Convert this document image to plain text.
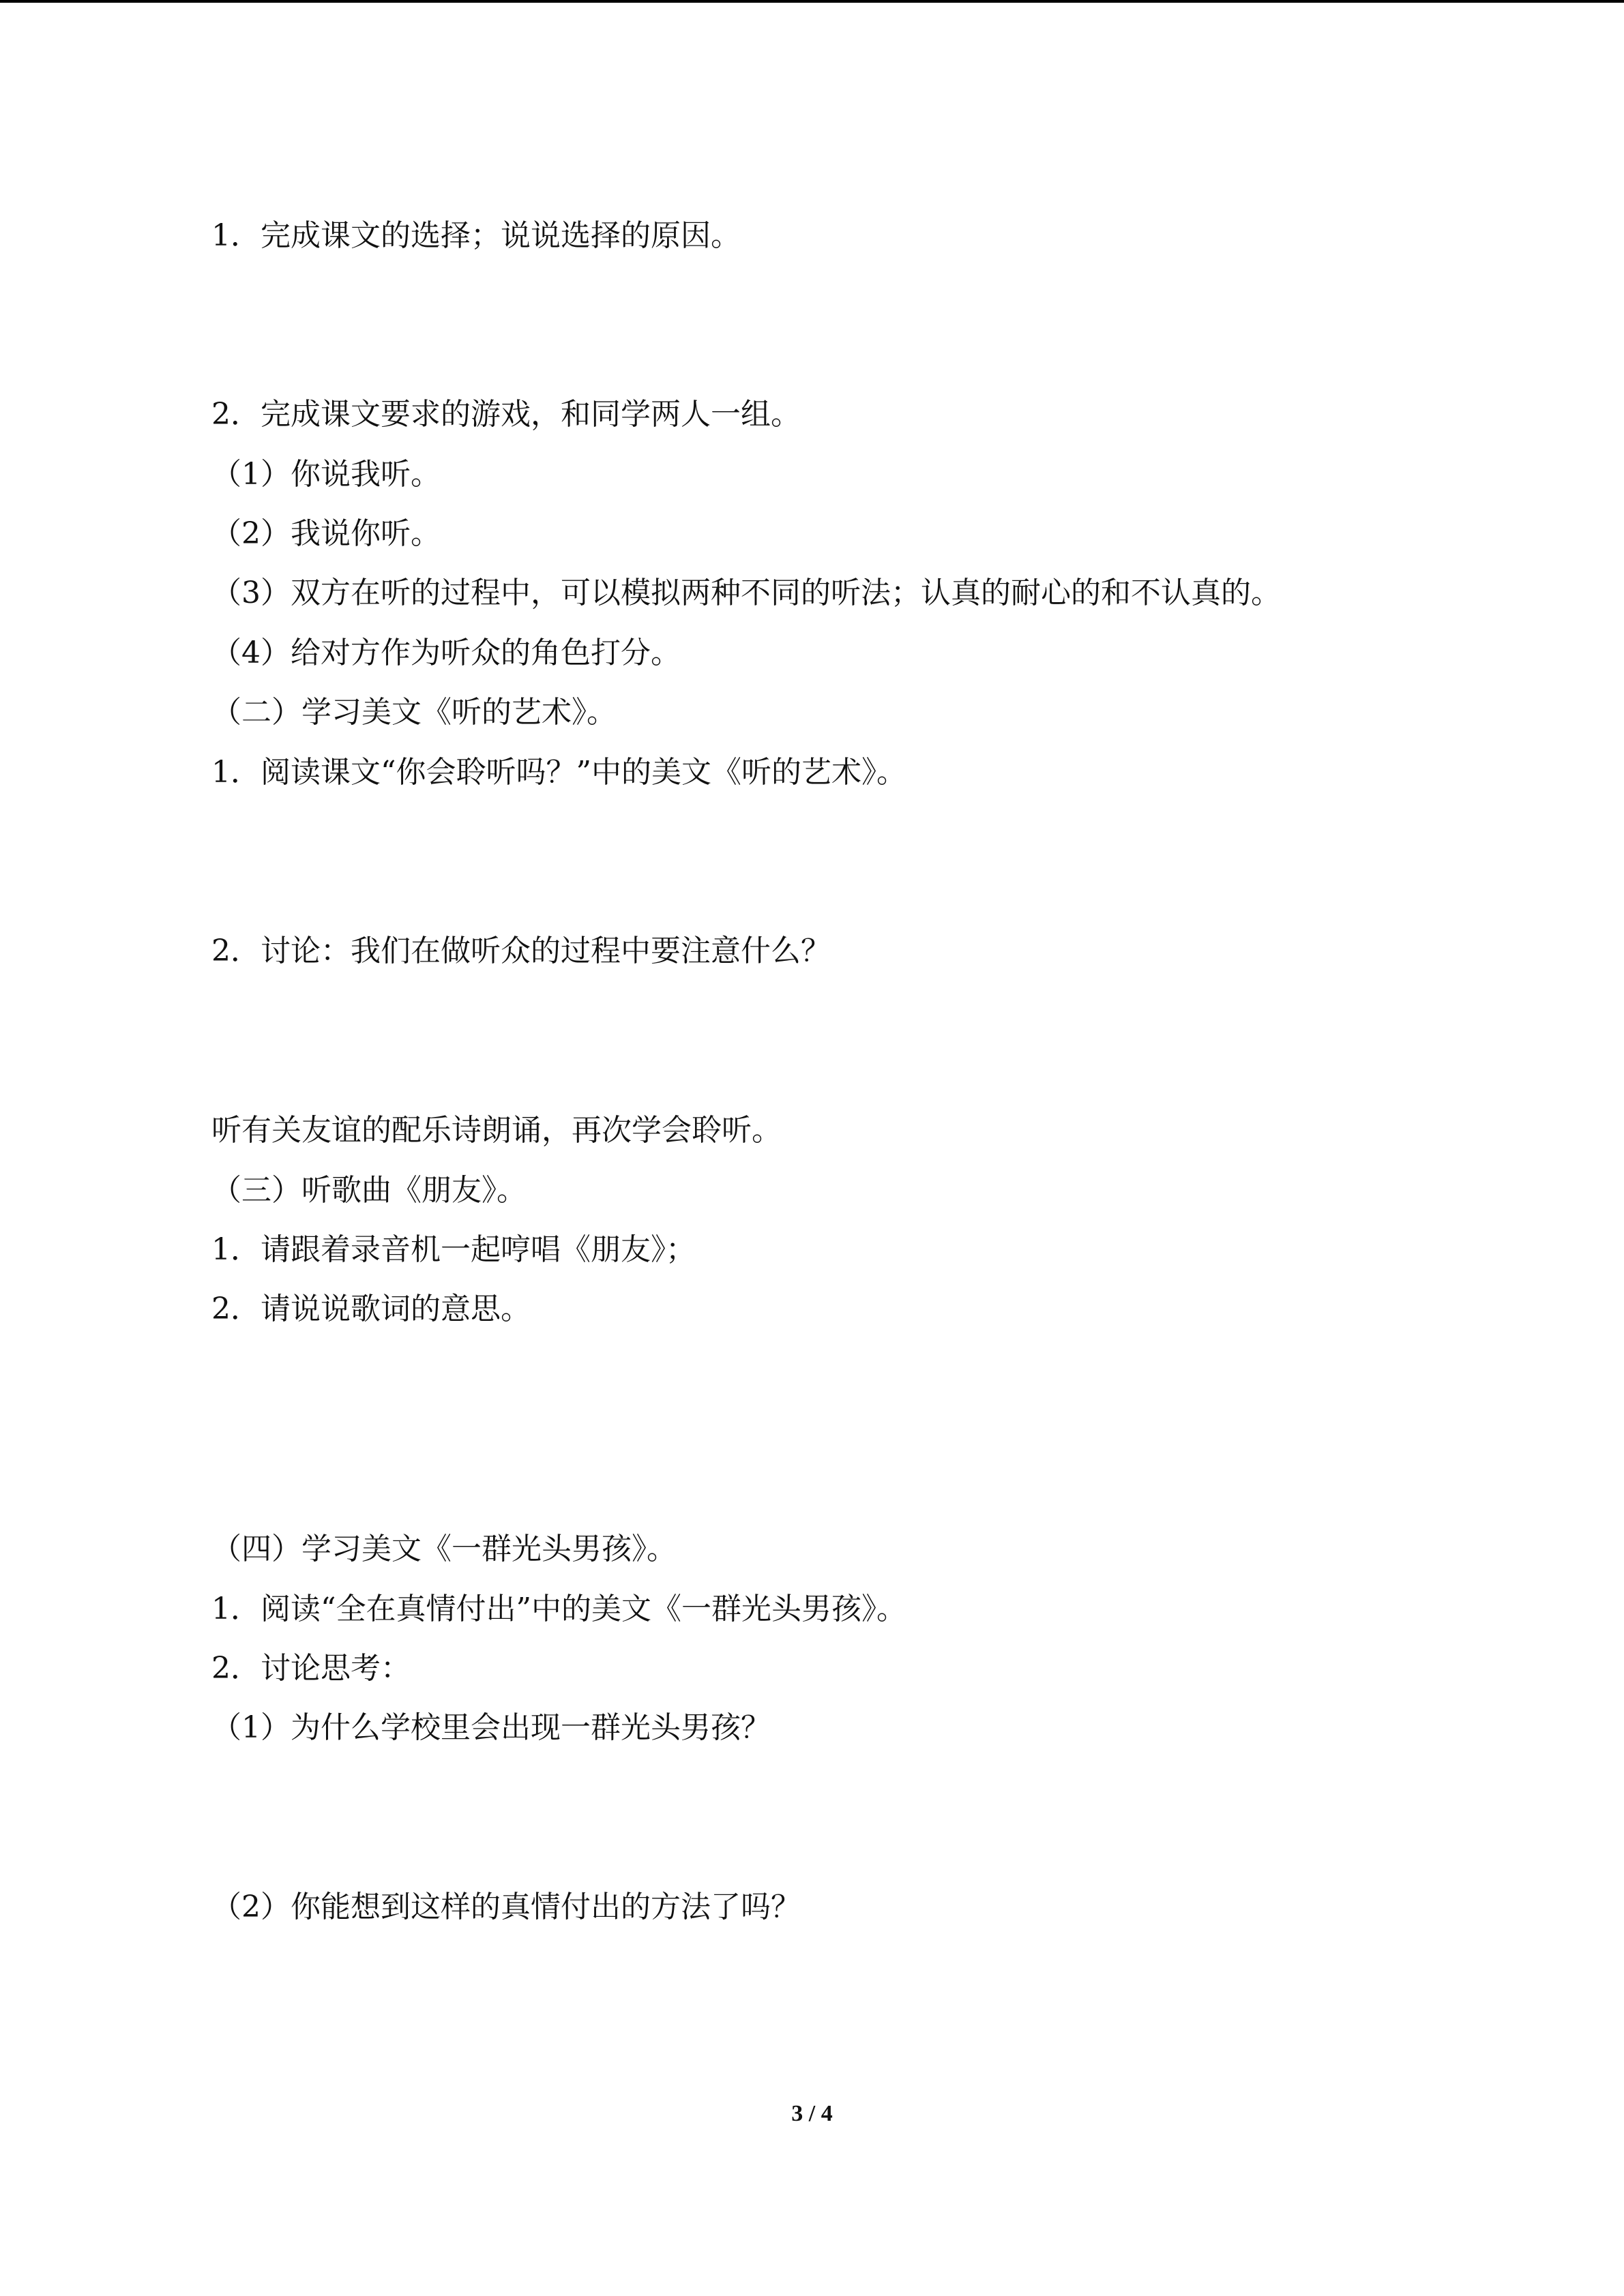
1．完成课文的选择；说说选择的原因。
2．完成课文要求的游戏，和同学两人一组。
（1）你说我听。
（2）我说你听。
（3）双方在听的过程中，可以模拟两种不同的听法；认真的耐心的和不认真的。
（4）给对方作为听众的角色打分。
（二）学习美文《听的艺术》。
1．阅读课文“你会聆听吗？”中的美文《听的艺术》。
2．讨论：我们在做听众的过程中要注意什么？
听有关友谊的配乐诗朗诵，再次学会聆听。
（三）听歌曲《朋友》。
1．请跟着录音机一起哼唱《朋友》；
2．请说说歌词的意思。
（四）学习美文《一群光头男孩》。
1．阅读“全在真情付出”中的美文《一群光头男孩》。
2．讨论思考：
（1）为什么学校里会出现一群光头男孩？
（2）你能想到这样的真情付出的方法了吗？
3 / 4
